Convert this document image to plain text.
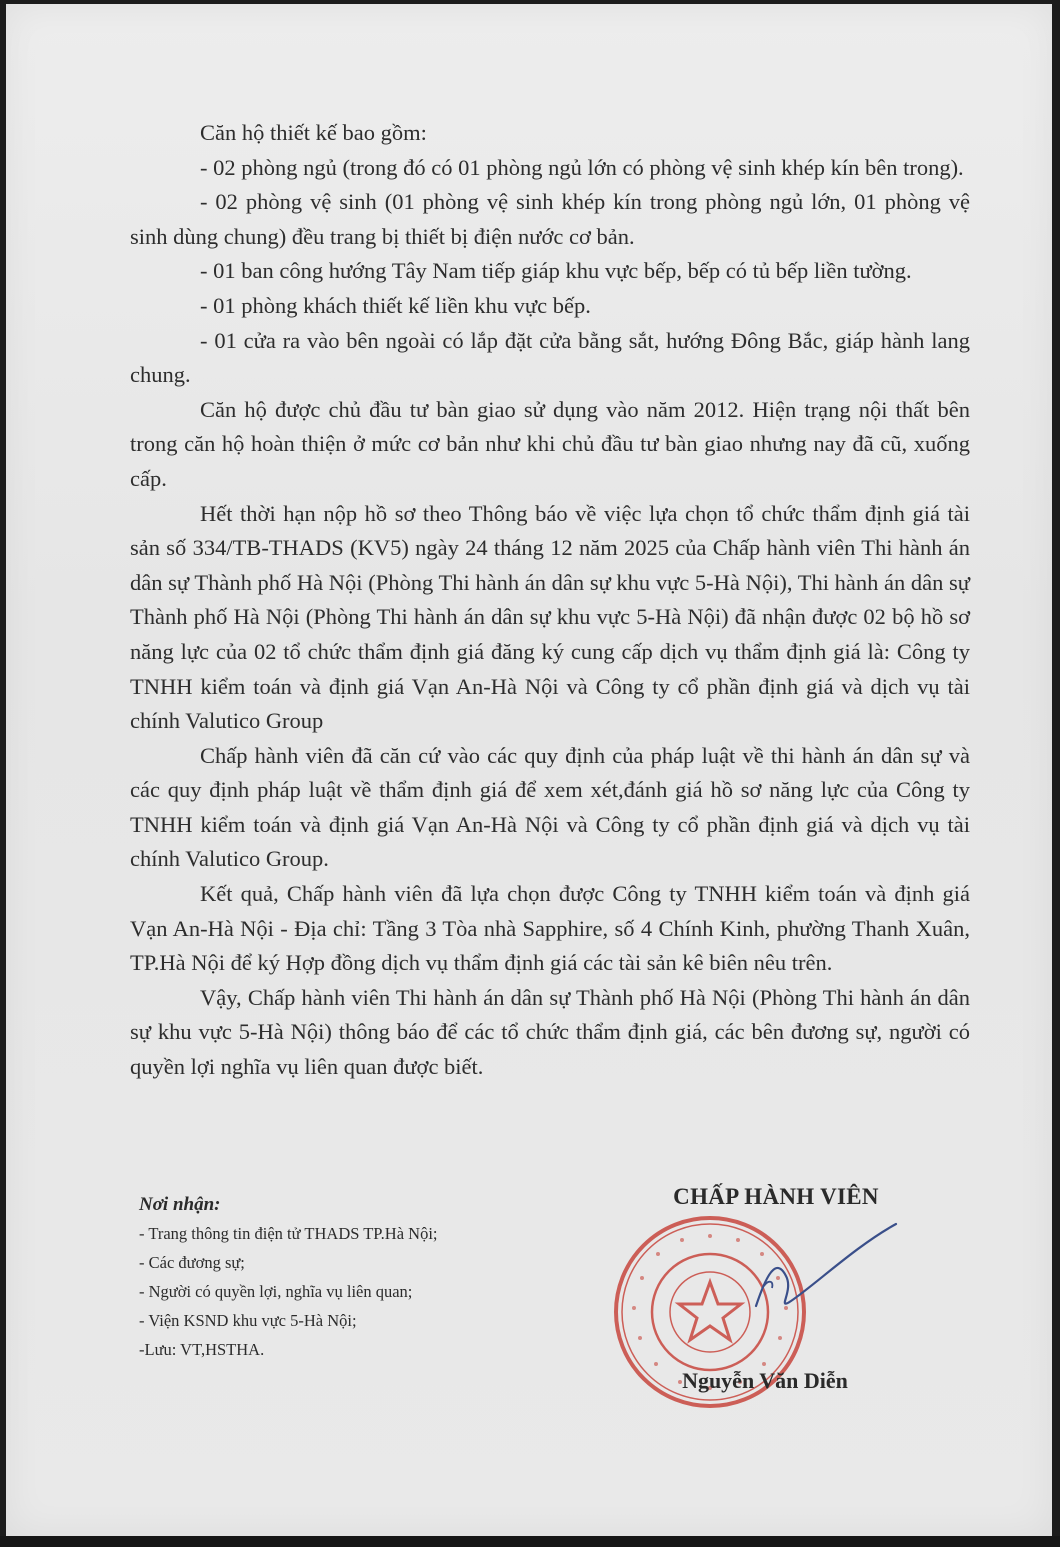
Căn hộ thiết kế bao gồm:

- 02 phòng ngủ (trong đó có 01 phòng ngủ lớn có phòng vệ sinh khép kín bên trong).

- 02 phòng vệ sinh (01 phòng vệ sinh khép kín trong phòng ngủ lớn, 01 phòng vệ sinh dùng chung) đều trang bị thiết bị điện nước cơ bản.

- 01 ban công hướng Tây Nam tiếp giáp khu vực bếp, bếp có tủ bếp liền tường.

- 01 phòng khách thiết kế liền khu vực bếp.

- 01 cửa ra vào bên ngoài có lắp đặt cửa bằng sắt, hướng Đông Bắc, giáp hành lang chung.

Căn hộ được chủ đầu tư bàn giao sử dụng vào năm 2012. Hiện trạng nội thất bên trong căn hộ hoàn thiện ở mức cơ bản như khi chủ đầu tư bàn giao nhưng nay đã cũ, xuống cấp.

Hết thời hạn nộp hồ sơ theo Thông báo về việc lựa chọn tổ chức thẩm định giá tài sản số 334/TB-THADS (KV5) ngày 24 tháng 12 năm 2025 của Chấp hành viên Thi hành án dân sự Thành phố Hà Nội (Phòng Thi hành án dân sự khu vực 5-Hà Nội), Thi hành án dân sự Thành phố Hà Nội (Phòng Thi hành án dân sự khu vực 5-Hà Nội) đã nhận được 02 bộ hồ sơ năng lực của 02 tổ chức thẩm định giá đăng ký cung cấp dịch vụ thẩm định giá là: Công ty TNHH kiểm toán và định giá Vạn An-Hà Nội và Công ty cổ phần định giá và dịch vụ tài chính Valutico Group

Chấp hành viên đã căn cứ vào các quy định của pháp luật về thi hành án dân sự và các quy định pháp luật về thẩm định giá để xem xét,đánh giá hồ sơ năng lực của Công ty TNHH kiểm toán và định giá Vạn An-Hà Nội và Công ty cổ phần định giá và dịch vụ tài chính Valutico Group.

Kết quả, Chấp hành viên đã lựa chọn được Công ty TNHH kiểm toán và định giá Vạn An-Hà Nội - Địa chỉ: Tầng 3 Tòa nhà Sapphire, số 4 Chính Kinh, phường Thanh Xuân, TP.Hà Nội để ký Hợp đồng dịch vụ thẩm định giá các tài sản kê biên nêu trên.

Vậy, Chấp hành viên Thi hành án dân sự Thành phố Hà Nội (Phòng Thi hành án dân sự khu vực 5-Hà Nội) thông báo để các tổ chức thẩm định giá, các bên đương sự, người có quyền lợi nghĩa vụ liên quan được biết.

Nơi nhận:
- Trang thông tin điện tử THADS TP.Hà Nội;
- Các đương sự;
- Người có quyền lợi, nghĩa vụ liên quan;
- Viện KSND khu vực 5-Hà Nội;
-Lưu: VT,HSTHA.
CHẤP HÀNH VIÊN
Nguyễn Văn Diễn
